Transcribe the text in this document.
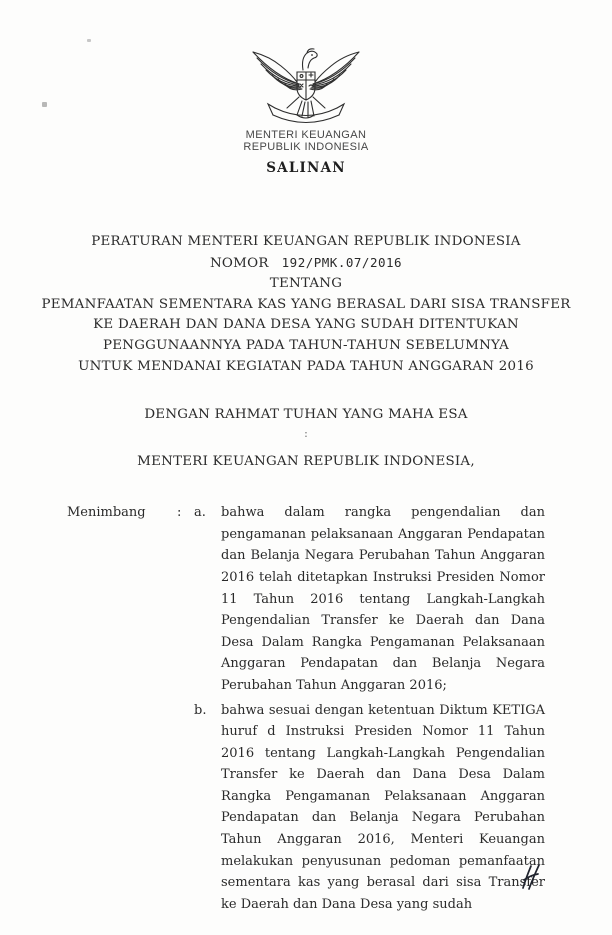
MENTERI KEUANGAN
REPUBLIK INDONESIA
SALINAN
PERATURAN MENTERI KEUANGAN REPUBLIK INDONESIA
NOMOR 192/PMK.07/2016
TENTANG
PEMANFAATAN SEMENTARA KAS YANG BERASAL DARI SISA TRANSFER
KE DAERAH DAN DANA DESA YANG SUDAH DITENTUKAN
PENGGUNAANNYA PADA TAHUN-TAHUN SEBELUMNYA
UNTUK MENDANAI KEGIATAN PADA TAHUN ANGGARAN 2016
DENGAN RAHMAT TUHAN YANG MAHA ESA
:
MENTERI KEUANGAN REPUBLIK INDONESIA,
Menimbang	: a.	bahwa dalam rangka pengendalian dan pengamanan pelaksanaan Anggaran Pendapatan dan Belanja Negara Perubahan Tahun Anggaran 2016 telah ditetapkan Instruksi Presiden Nomor 11 Tahun 2016 tentang Langkah-Langkah Pengendalian Transfer ke Daerah dan Dana Desa Dalam Rangka Pengamanan Pelaksanaan Anggaran Pendapatan dan Belanja Negara Perubahan Tahun Anggaran 2016;
b.	bahwa sesuai dengan ketentuan Diktum KETIGA huruf d Instruksi Presiden Nomor 11 Tahun 2016 tentang Langkah-Langkah Pengendalian Transfer ke Daerah dan Dana Desa Dalam Rangka Pengamanan Pelaksanaan Anggaran Pendapatan dan Belanja Negara Perubahan Tahun Anggaran 2016, Menteri Keuangan melakukan penyusunan pedoman pemanfaatan sementara kas yang berasal dari sisa Transfer ke Daerah dan Dana Desa yang sudah
